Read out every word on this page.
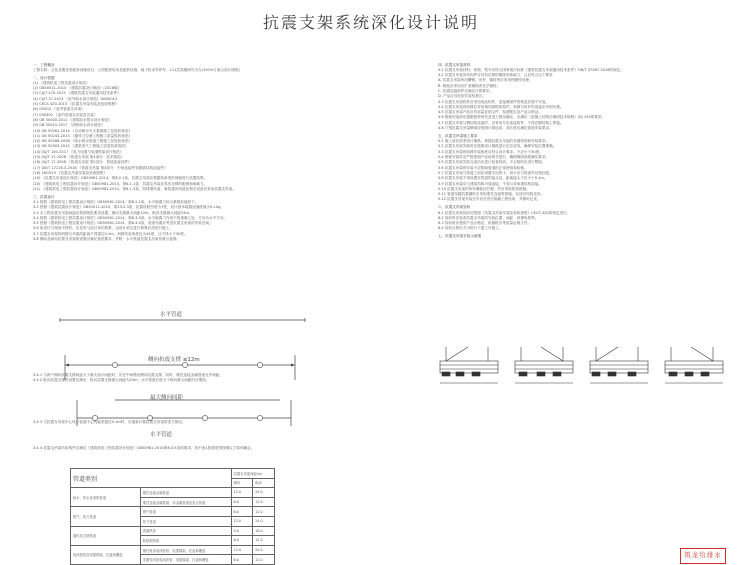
抗震支架系统深化设计说明

一、工程概况

工程名称：文化及服务类配套设施项目、公园配套用房及配套设施、地下机动车停车、111层高端研究平台(100%方案合设计图纸)

二、设计依据

(1) 《建筑机电工程抗震设计规范》

(2) GB50011-2010 《建筑抗震设计规范》(2016版)

(3) CJJ/T 470-2015 《建筑抗震支吊架通用技术条件》

(4) CJJ/T 37-2013 《室外给水设计规范》GB50013

(5) CECS 420-2015 《抗震支吊架安装及验收规程》

(6) 05SG2 《室内管道支吊架》

(7) 03S402 《室内管道支吊架及安装》

(8) GB 50040-2012 《建筑给水排水设计规范》

(9) GB 50015-2017 《消防给水设计规范》

(10) GB 50261-2014 《自动喷水灭火系统施工及验收规范》

(11) GB 50243-2015 《通风与空调工程施工质量验收规范》

(12) GB 50268-2008 《给水排水管道工程施工及验收规范》

(13) GB 50303-2015 《建筑电气工程施工质量验收规范》

(14) JGJ/T 140-2017 《电力电缆与电缆桥架设计规范》

(15) JGJ/T 17-2008 《管道支吊架 第1部分：技术规范》

(16) JGJ/T 17-2008 《管道支吊架 第2部分：管道连接部件》

(17) GB/T 17116.3-2018 《管道支吊架 第3部分：中间连接件和建筑结构连接件》

(18) 16G519 《抗震支吊架安装及验收图集》

(19) 《抗震支吊架设计规范》GB50981-2014，第8.2.1条，抗震支吊架应根据其承受的荷载进行抗震验算。

(20) 《建筑机电工程抗震设计规范》GB50981-2014，第6.1.1条，抗震支吊架应具有足够的刚度和承载力。

(21) 《建筑机电工程抗震设计规范》GB50981-2014，第8.1.3条，防排烟风道、事故通风风道及相关设备应采用抗震支吊架。

三、抗震设计

3.1 按照《建筑机电工程抗震设计规范》GB50981-2014，第8.2.2条，水平地震力综合系数取值如下。

3.2 按照《建筑抗震设计规范》GB50011-2010，第13.2.3条，抗震设防烈度为7度，设计基本地震加速度值为0.10g。

3.3 本工程抗震支吊架间距应按照规范要求设置，侧向支撑最大间距12m，纵向支撑最大间距24m。

3.4 按照《建筑机电工程抗震设计规范》GB50981-2014，第8.3.3条，水平地震力作用于管道重心处，方向为水平方向。

3.5 按照《建筑机电工程抗震设计规范》GB50981-2014，第8.3.4条，管道布置应考虑抗震支吊架的安装空间。

3.6 如设计与现场不符时，应及时与设计单位联系，由设计单位进行核算后再进行施工。

3.7 抗震支吊架的斜撑与吊架的距离不得超过0.1m，斜撑安装角度宜为45度，且不得小于30度。

3.8 侧向及纵向抗震支吊架的设置应满足规范要求，并附：水平管道抗震支吊架布置示意图。

四、抗震支吊架材料

4.1 抗震支吊架材料、规格、型号应符合国家现行标准《建筑抗震支吊架通用技术条件》GB/T 37267-2018的规定。

4.2 抗震支吊架所有构件应具有足够的刚度和承载力，且应符合以下要求：

A. 抗震支吊架所用槽钢、吊杆、锚栓等应采用热镀锌处理；

B. 锚栓应采用后扩底锚栓或化学锚栓；

C. 抗震连接构件应满足计算要求；

D. 产品应具有型式检验报告。

4.3 抗震支吊架构件应采用成品构件，连接紧固件的构造应便于安装。

4.4 抗震支吊架的斜撑应采用相同规格的构件，斜撑与吊杆的连接应牢固可靠。

4.5 抗震支吊架产品应有质量证明文件、检测报告及产品合格证。

4.6 锚栓的选择应根据基材种类及受力情况确定，应满足《混凝土结构后锚固技术规程》JGJ 145的要求。

4.7 抗震支吊架与钢结构连接时，应采用专用连接构件，不得在钢结构上焊接。

4.8 门型抗震支吊架横梁应按照计算选用，其长度应满足管道安装要求。

五、抗震支吊架施工要求

5.1 施工前应熟悉设计图纸，掌握抗震支吊架的布置原则和安装要求。

5.2 抗震支吊架安装时应按照设计图纸进行定位放线，确保安装位置准确。

5.3 抗震支吊架的斜撑安装角度应符合设计要求，不应小于30度。

5.4 锚栓安装时应严格按照产品说明书进行，确保锚固深度满足要求。

5.5 抗震支吊架安装完成后应进行检查验收，不合格的应进行整改。

5.6 抗震支吊架的安装不应影响管道的正常使用和检修。

5.7 抗震支吊架与管道之间应设置专用管卡，管卡应与管道外径相匹配。

5.8 抗震支吊架不得设置在管道的接头处，距离接头不应小于0.1m。

5.9 抗震支吊架应与建筑结构可靠连接，不得与非承重结构连接。

5.10 抗震支吊架的所有螺栓应拧紧，并应采取防松措施。

5.11 管道穿越抗震缝时应采取柔性连接等措施，以适应结构变形。

5.12 抗震支吊架安装完毕后应进行隐蔽工程验收，并做好记录。

六、抗震支吊架验收

6.1 抗震支吊架验收应按照《抗震支吊架安装及验收规程》CECS 420的规定进行。

6.2 验收时应检查抗震支吊架的安装位置、间距、斜撑角度等。

6.3 验收时应提供产品合格证、检测报告等质量证明文件。

6.4 验收合格后方可进行下道工序施工。

七、抗震支吊架安装示意图

水平管道
侧向抗震支撑 ≤12m
最大侧向间距
水平管道

3.4.1 当两个侧向抗震支撑间距大于最大设计间距时，应在中间增设侧向抗震支撑，同时，刚性连接金属管道允许间距。

3.4.2 纵向抗震支撑的设置应满足：纵向抗震支撑最大间距为24m，水平管道长度大于纵向最大间距时应增设。

3.4.3 当抗震支吊架中心线与管道中心线偏差超过0.1m时，应重新计算抗震支吊架的受力情况。

3.4.4 抗震支吊架所用构件应满足《建筑机电工程抗震设计规范》GB50981-2014第8.3.5条的要求，其中表1管道类别按照以下原则确定。

管道类别		抗震支吊架间距(m)	
		侧向	纵向
给水、热水及消防管道	刚性连接金属管道	12.0	24.0
	柔性连接金属管道、非金属管道及复合管道	6.0	12.0
燃气、热力管道	燃气管道	6.0	12.0
	热力管道	12.0	24.0
通风及空调管道	普通风管	9.0	18.0
	防排烟风管	6.0	12.0
电线套管及电缆梯架、托盘和槽盒	刚性材质电线套管、电缆梯架、托盘和槽盒	12.0	24.0
	非刚性材质电线套管、电缆梯架、托盘和槽盒	6.0	12.0
筑龙给排水
